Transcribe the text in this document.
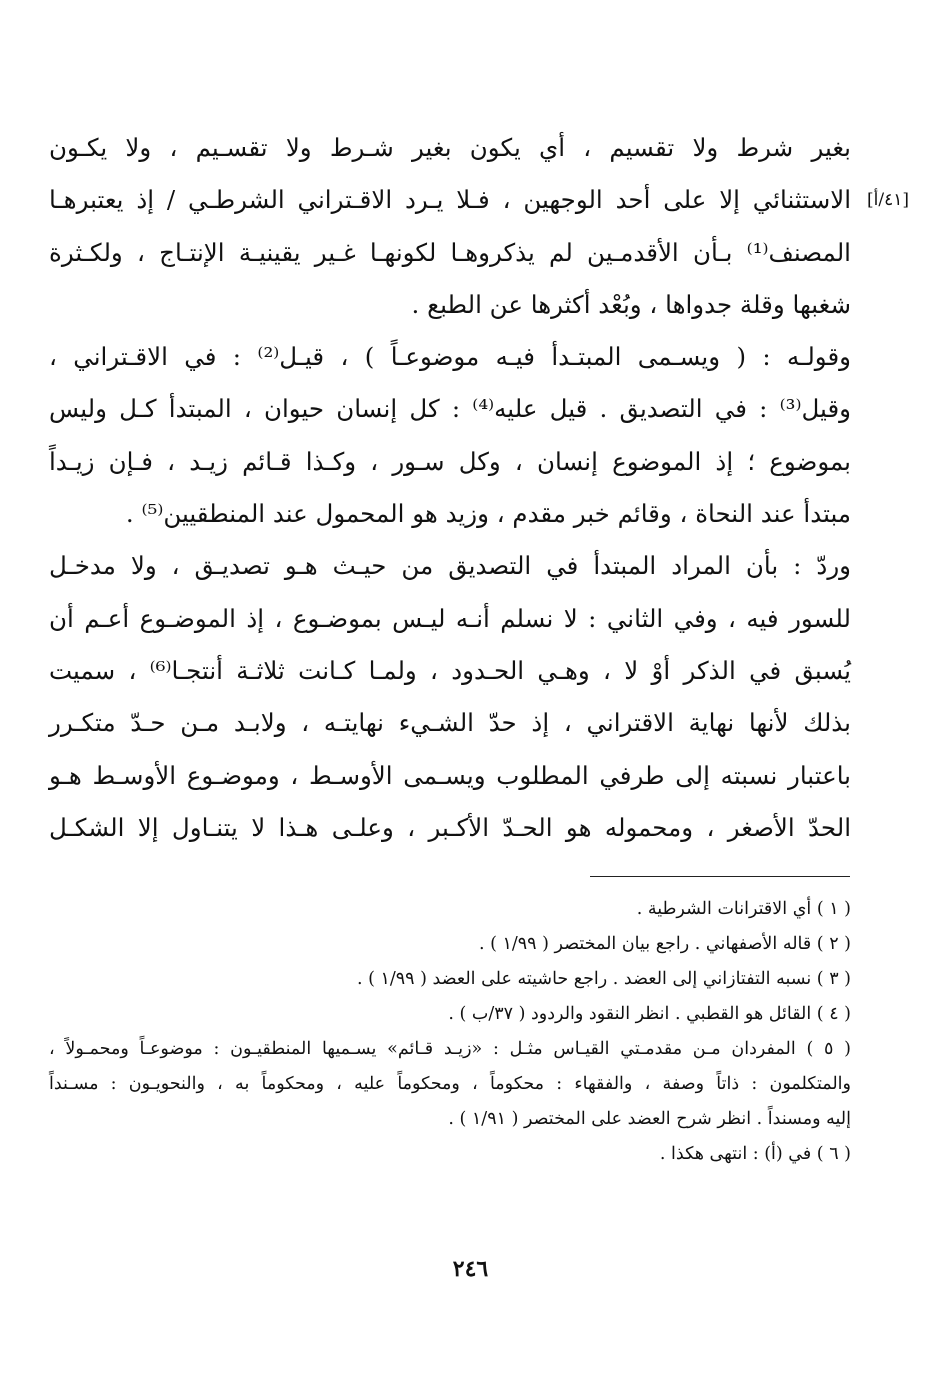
بغير شرط ولا تقسيم ، أي يكون بغير شـرط ولا تقسـيم ، ولا يكـون
الاستثنائي إلا على أحد الوجهين ، فـلا يـرد الاقـتراني الشرطـي / إذ يعتبرهـا [٤١/أ]
المصنف⁽¹⁾ بـأن الأقدمـين لم يذكروهـا لكونهـا غـير يقينيـة الإنتـاج ، ولكـثرة
شغبها وقلة جدواها ، وبُعْد أكثرها عن الطبع .
وقولـه : ( ويسـمى المبتـدأ فيـه موضوعـاً ) ، قيـل⁽²⁾ : في الاقـتراني ،
وقيل⁽³⁾ : في التصديق . قيل عليه⁽⁴⁾ : كل إنسان حيوان ، المبتدأ كـل وليس
بموضوع ؛ إذ الموضوع إنسان ، وكل سـور ، وكـذا قـائم زيـد ، فـإن زيـداً
مبتدأ عند النحاة ، وقائم خبر مقدم ، وزيد هو المحمول عند المنطقيين⁽⁵⁾ .
وردّ : بأن المراد المبتدأ في التصديق من حيـث هـو تصديـق ، ولا مدخـل
للسور فيه ، وفي الثاني : لا نسلم أنـه ليـس بموضـوع ، إذ الموضـوع أعـم أن
يُسبق في الذكر أوْ لا ، وهـي الحـدود ، ولمـا كـانت ثلاثـة أنتجـا⁽⁶⁾ ، سميت
بذلك لأنها نهاية الاقتراني ، إذ حدّ الشـيء نهايتـه ، ولابـد مـن حـدّ متكـرر
باعتبار نسبته إلى طرفي المطلوب ويسـمى الأوسـط ، وموضـوع الأوسـط هـو
الحدّ الأصغر ، ومحموله هو الحـدّ الأكـبر ، وعلـى هـذا لا يتنـاول إلا الشكـل
( ١ ) أي الاقترانات الشرطية .
( ٢ ) قاله الأصفهاني . راجع بيان المختصر ( ١/٩٩ ) .
( ٣ ) نسبه التفتازاني إلى العضد . راجع حاشيته على العضد ( ١/٩٩ ) .
( ٤ ) القائل هو القطبي . انظر النقود والردود ( ٣٧/ب ) .
( ٥ ) المفردان مـن مقدمـتي القيـاس مثـل : «زيـد قـائم» يسـميها المنطقيـون : موضوعـاً ومحمـولاً ،
والمتكلمون : ذاتاً وصفة ، والفقهاء : محكوماً ، ومحكوماً عليه ، ومحكوماً به ، والنحويـون : مسـنداً
إليه ومسنداً . انظر شرح العضد على المختصر ( ١/٩١ ) .
( ٦ ) في (أ) : انتهى هكذا .
٢٤٦
